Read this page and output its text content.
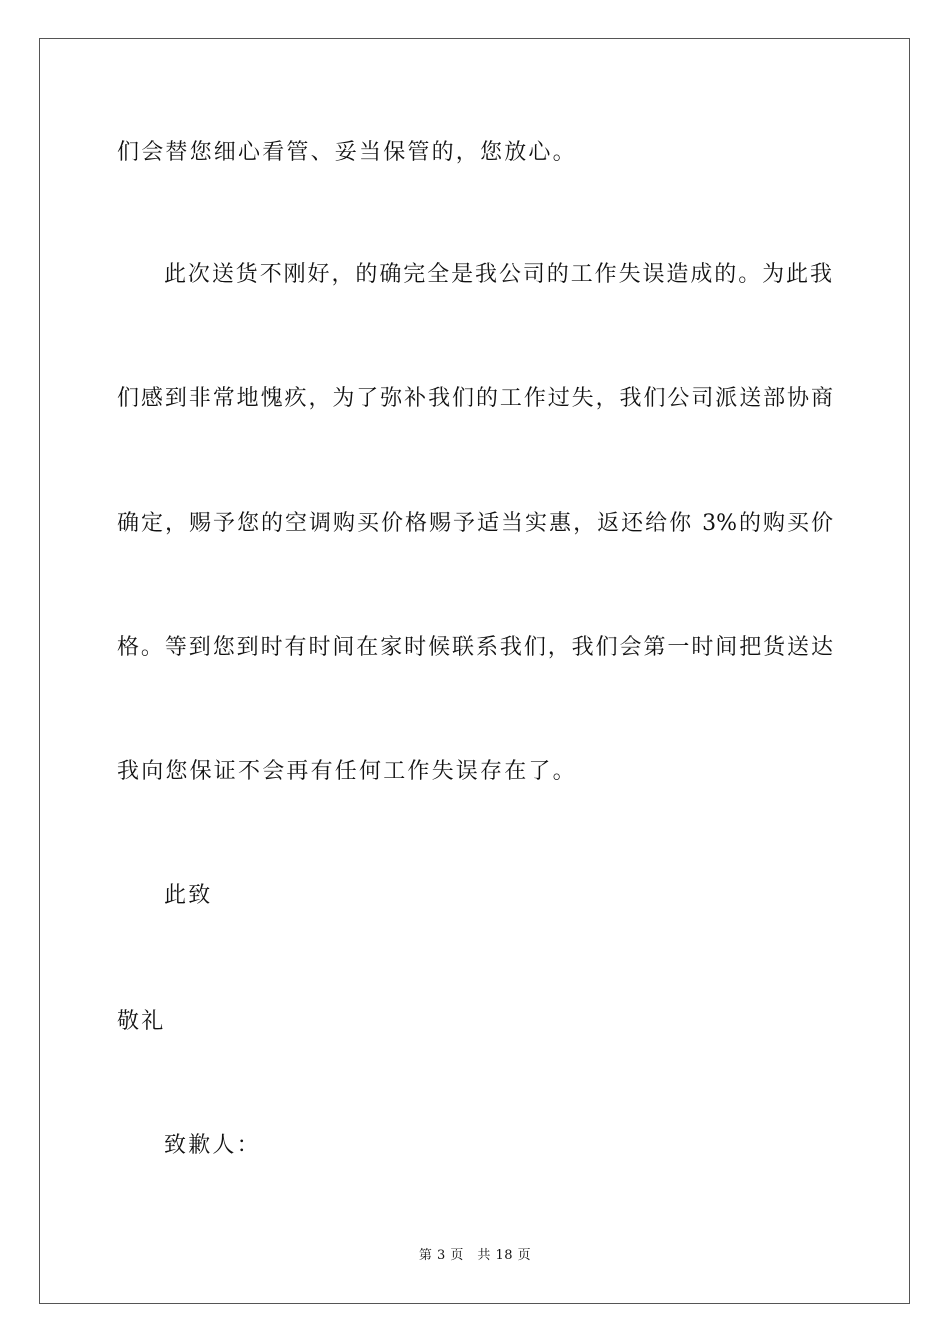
们会替您细心看管、妥当保管的，您放心。
此次送货不刚好，的确完全是我公司的工作失误造成的。为此我
们感到非常地愧疚，为了弥补我们的工作过失，我们公司派送部协商
确定，赐予您的空调购买价格赐予适当实惠，返还给你 3%的购买价
格。等到您到时有时间在家时候联系我们，我们会第一时间把货送达
我向您保证不会再有任何工作失误存在了。
此致
敬礼
致歉人：
第 3 页　共 18 页
